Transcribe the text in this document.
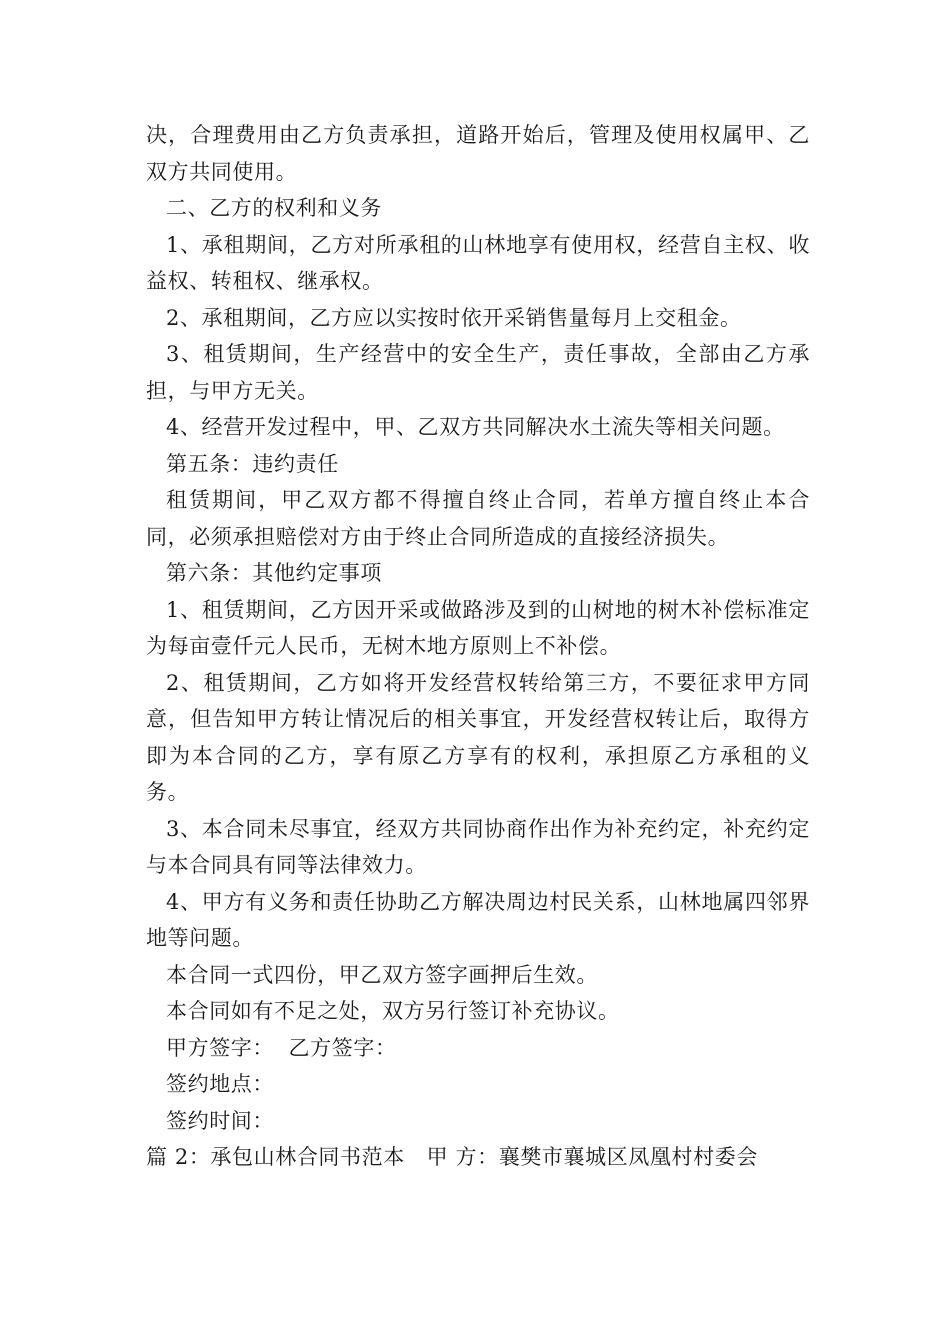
决，合理费用由乙方负责承担，道路开始后，管理及使用权属甲、乙双方共同使用。

二、乙方的权利和义务

1、承租期间，乙方对所承租的山林地享有使用权，经营自主权、收益权、转租权、继承权。

2、承租期间，乙方应以实按时依开采销售量每月上交租金。

3、租赁期间，生产经营中的安全生产，责任事故，全部由乙方承担，与甲方无关。

4、经营开发过程中，甲、乙双方共同解决水土流失等相关问题。

第五条：违约责任

租赁期间，甲乙双方都不得擅自终止合同，若单方擅自终止本合同，必须承担赔偿对方由于终止合同所造成的直接经济损失。

第六条：其他约定事项

1、租赁期间，乙方因开采或做路涉及到的山树地的树木补偿标准定为每亩壹仟元人民币，无树木地方原则上不补偿。

2、租赁期间，乙方如将开发经营权转给第三方，不要征求甲方同意，但告知甲方转让情况后的相关事宜，开发经营权转让后，取得方即为本合同的乙方，享有原乙方享有的权利，承担原乙方承租的义务。

3、本合同未尽事宜，经双方共同协商作出作为补充约定，补充约定与本合同具有同等法律效力。

4、甲方有义务和责任协助乙方解决周边村民关系，山林地属四邻界地等问题。

本合同一式四份，甲乙双方签字画押后生效。

本合同如有不足之处，双方另行签订补充协议。

甲方签字：  乙方签字：

签约地点：

签约时间：

篇 2：承包山林合同书范本   甲 方：襄樊市襄城区凤凰村村委会
